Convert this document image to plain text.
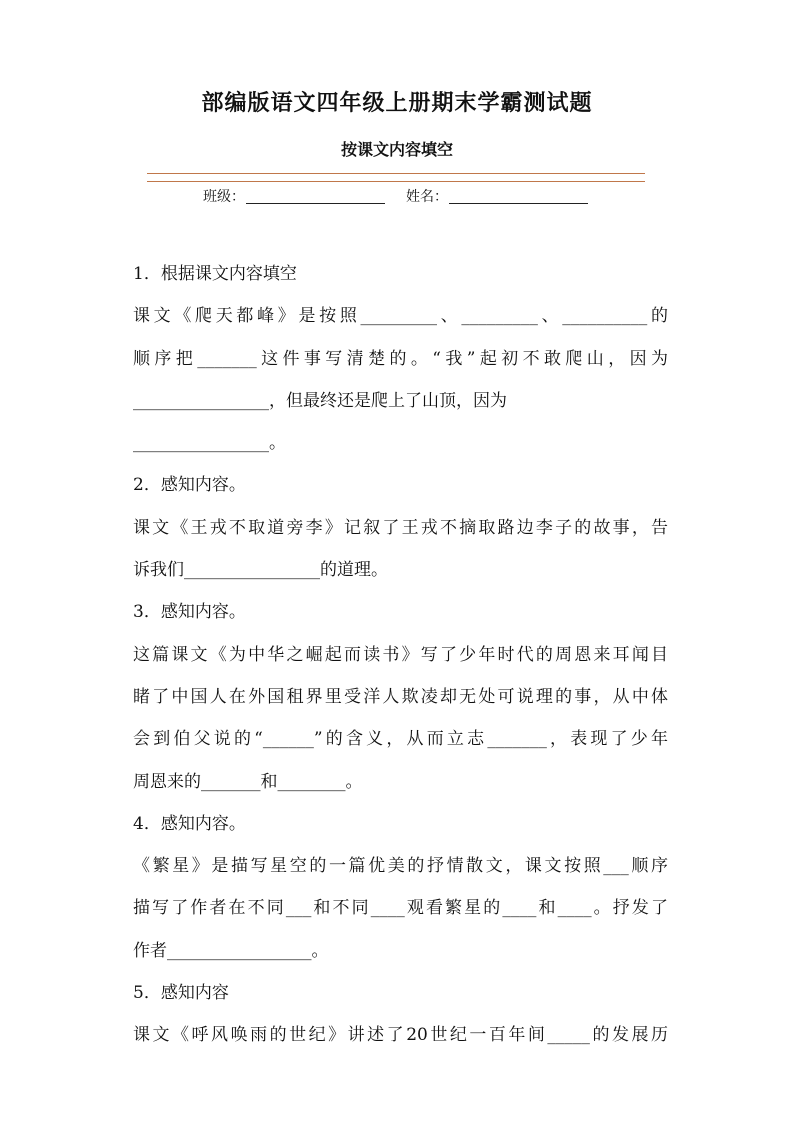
部编版语文四年级上册期末学霸测试题
按课文内容填空
班级：	姓名：

1．根据课文内容填空

课文《爬天都峰》是按照_________、_________、__________的

顺序把_______这件事写清楚的。“我”起初不敢爬山，因为

________________，但最终还是爬上了山顶，因为

________________。

2．感知内容。

课文《王戎不取道旁李》记叙了王戎不摘取路边李子的故事，告

诉我们________________的道理。

3．感知内容。

这篇课文《为中华之崛起而读书》写了少年时代的周恩来耳闻目

睹了中国人在外国租界里受洋人欺凌却无处可说理的事，从中体

会到伯父说的“______”的含义，从而立志_______，表现了少年

周恩来的_______和________。

4．感知内容。

《繁星》是描写星空的一篇优美的抒情散文，课文按照___顺序

描写了作者在不同___和不同____观看繁星的____和____。抒发了

作者_________________。

5．感知内容

课文《呼风唤雨的世纪》讲述了20世纪一百年间_____的发展历
